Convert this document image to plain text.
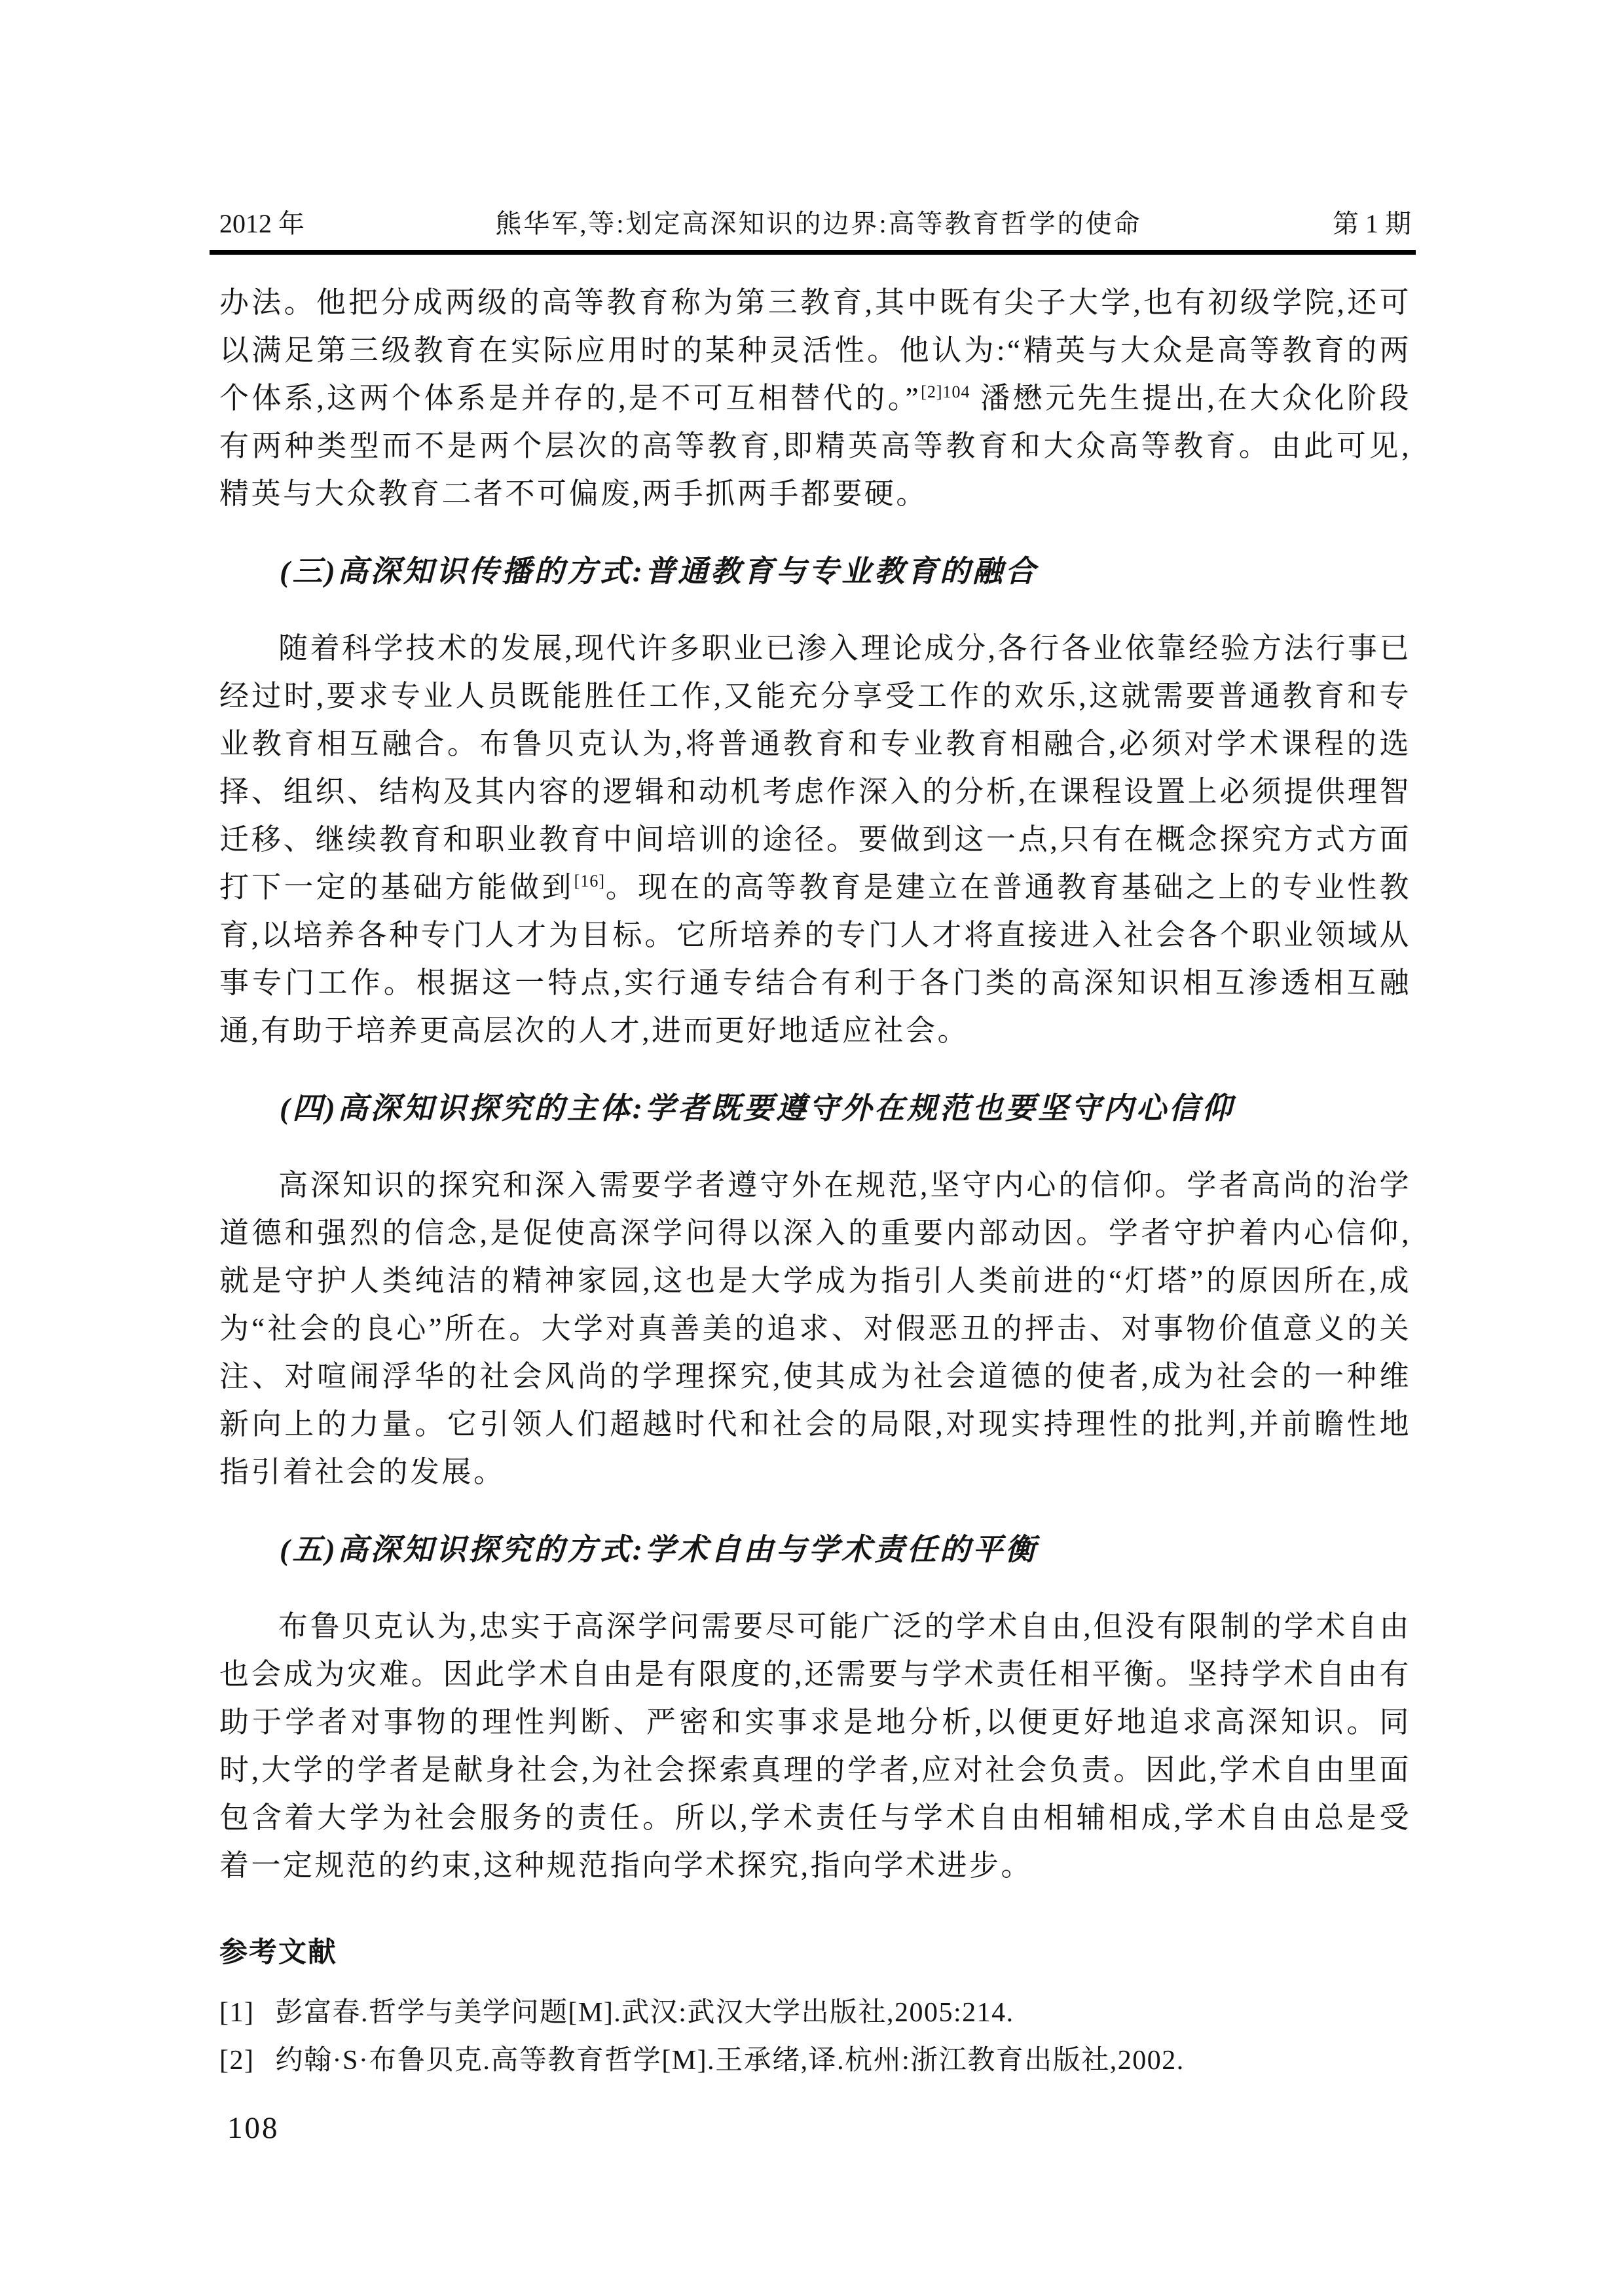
2012 年	熊华军,等:划定高深知识的边界:高等教育哲学的使命	第 1 期

办法。他把分成两级的高等教育称为第三教育,其中既有尖子大学,也有初级学院,还可以满足第三级教育在实际应用时的某种灵活性。他认为:“精英与大众是高等教育的两个体系,这两个体系是并存的,是不可互相替代的。”$^{[2]104}$ 潘懋元先生提出,在大众化阶段有两种类型而不是两个层次的高等教育,即精英高等教育和大众高等教育。由此可见,精英与大众教育二者不可偏废,两手抓两手都要硬。

(三)高深知识传播的方式:普通教育与专业教育的融合

随着科学技术的发展,现代许多职业已渗入理论成分,各行各业依靠经验方法行事已经过时,要求专业人员既能胜任工作,又能充分享受工作的欢乐,这就需要普通教育和专业教育相互融合。布鲁贝克认为,将普通教育和专业教育相融合,必须对学术课程的选择、组织、结构及其内容的逻辑和动机考虑作深入的分析,在课程设置上必须提供理智迁移、继续教育和职业教育中间培训的途径。要做到这一点,只有在概念探究方式方面打下一定的基础方能做到[16]。现在的高等教育是建立在普通教育基础之上的专业性教育,以培养各种专门人才为目标。它所培养的专门人才将直接进入社会各个职业领域从事专门工作。根据这一特点,实行通专结合有利于各门类的高深知识相互渗透相互融通,有助于培养更高层次的人才,进而更好地适应社会。

(四)高深知识探究的主体:学者既要遵守外在规范也要坚守内心信仰

高深知识的探究和深入需要学者遵守外在规范,坚守内心的信仰。学者高尚的治学道德和强烈的信念,是促使高深学问得以深入的重要内部动因。学者守护着内心信仰,就是守护人类纯洁的精神家园,这也是大学成为指引人类前进的“灯塔”的原因所在,成为“社会的良心”所在。大学对真善美的追求、对假恶丑的抨击、对事物价值意义的关注、对喧闹浮华的社会风尚的学理探究,使其成为社会道德的使者,成为社会的一种维新向上的力量。它引领人们超越时代和社会的局限,对现实持理性的批判,并前瞻性地指引着社会的发展。

(五)高深知识探究的方式:学术自由与学术责任的平衡

布鲁贝克认为,忠实于高深学问需要尽可能广泛的学术自由,但没有限制的学术自由也会成为灾难。因此学术自由是有限度的,还需要与学术责任相平衡。坚持学术自由有助于学者对事物的理性判断、严密和实事求是地分析,以便更好地追求高深知识。同时,大学的学者是献身社会,为社会探索真理的学者,应对社会负责。因此,学术自由里面包含着大学为社会服务的责任。所以,学术责任与学术自由相辅相成,学术自由总是受着一定规范的约束,这种规范指向学术探究,指向学术进步。

参考文献
[1] 彭富春.哲学与美学问题[M].武汉:武汉大学出版社,2005:214.
[2] 约翰·S·布鲁贝克.高等教育哲学[M].王承绪,译.杭州:浙江教育出版社,2002.
108
